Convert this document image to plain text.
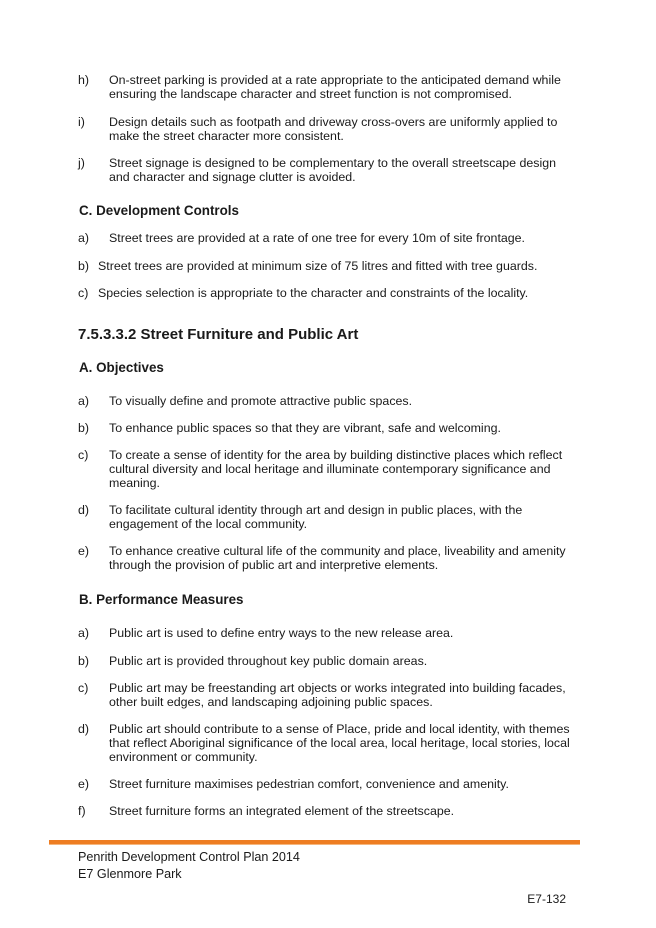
h) On-street parking is provided at a rate appropriate to the anticipated demand while ensuring the landscape character and street function is not compromised.
i) Design details such as footpath and driveway cross-overs are uniformly applied to make the street character more consistent.
j) Street signage is designed to be complementary to the overall streetscape design and character and signage clutter is avoided.
C. Development Controls
a) Street trees are provided at a rate of one tree for every 10m of site frontage.
b) Street trees are provided at minimum size of 75 litres and fitted with tree guards.
c) Species selection is appropriate to the character and constraints of the locality.
7.5.3.3.2 Street Furniture and Public Art
A. Objectives
a) To visually define and promote attractive public spaces.
b) To enhance public spaces so that they are vibrant, safe and welcoming.
c) To create a sense of identity for the area by building distinctive places which reflect cultural diversity and local heritage and illuminate contemporary significance and meaning.
d) To facilitate cultural identity through art and design in public places, with the engagement of the local community.
e) To enhance creative cultural life of the community and place, liveability and amenity through the provision of public art and interpretive elements.
B. Performance Measures
a) Public art is used to define entry ways to the new release area.
b) Public art is provided throughout key public domain areas.
c) Public art may be freestanding art objects or works integrated into building facades, other built edges, and landscaping adjoining public spaces.
d) Public art should contribute to a sense of Place, pride and local identity, with themes that reflect Aboriginal significance of the local area, local heritage, local stories, local environment or community.
e) Street furniture maximises pedestrian comfort, convenience and amenity.
f) Street furniture forms an integrated element of the streetscape.
Penrith Development Control Plan 2014
E7 Glenmore Park
E7-132
